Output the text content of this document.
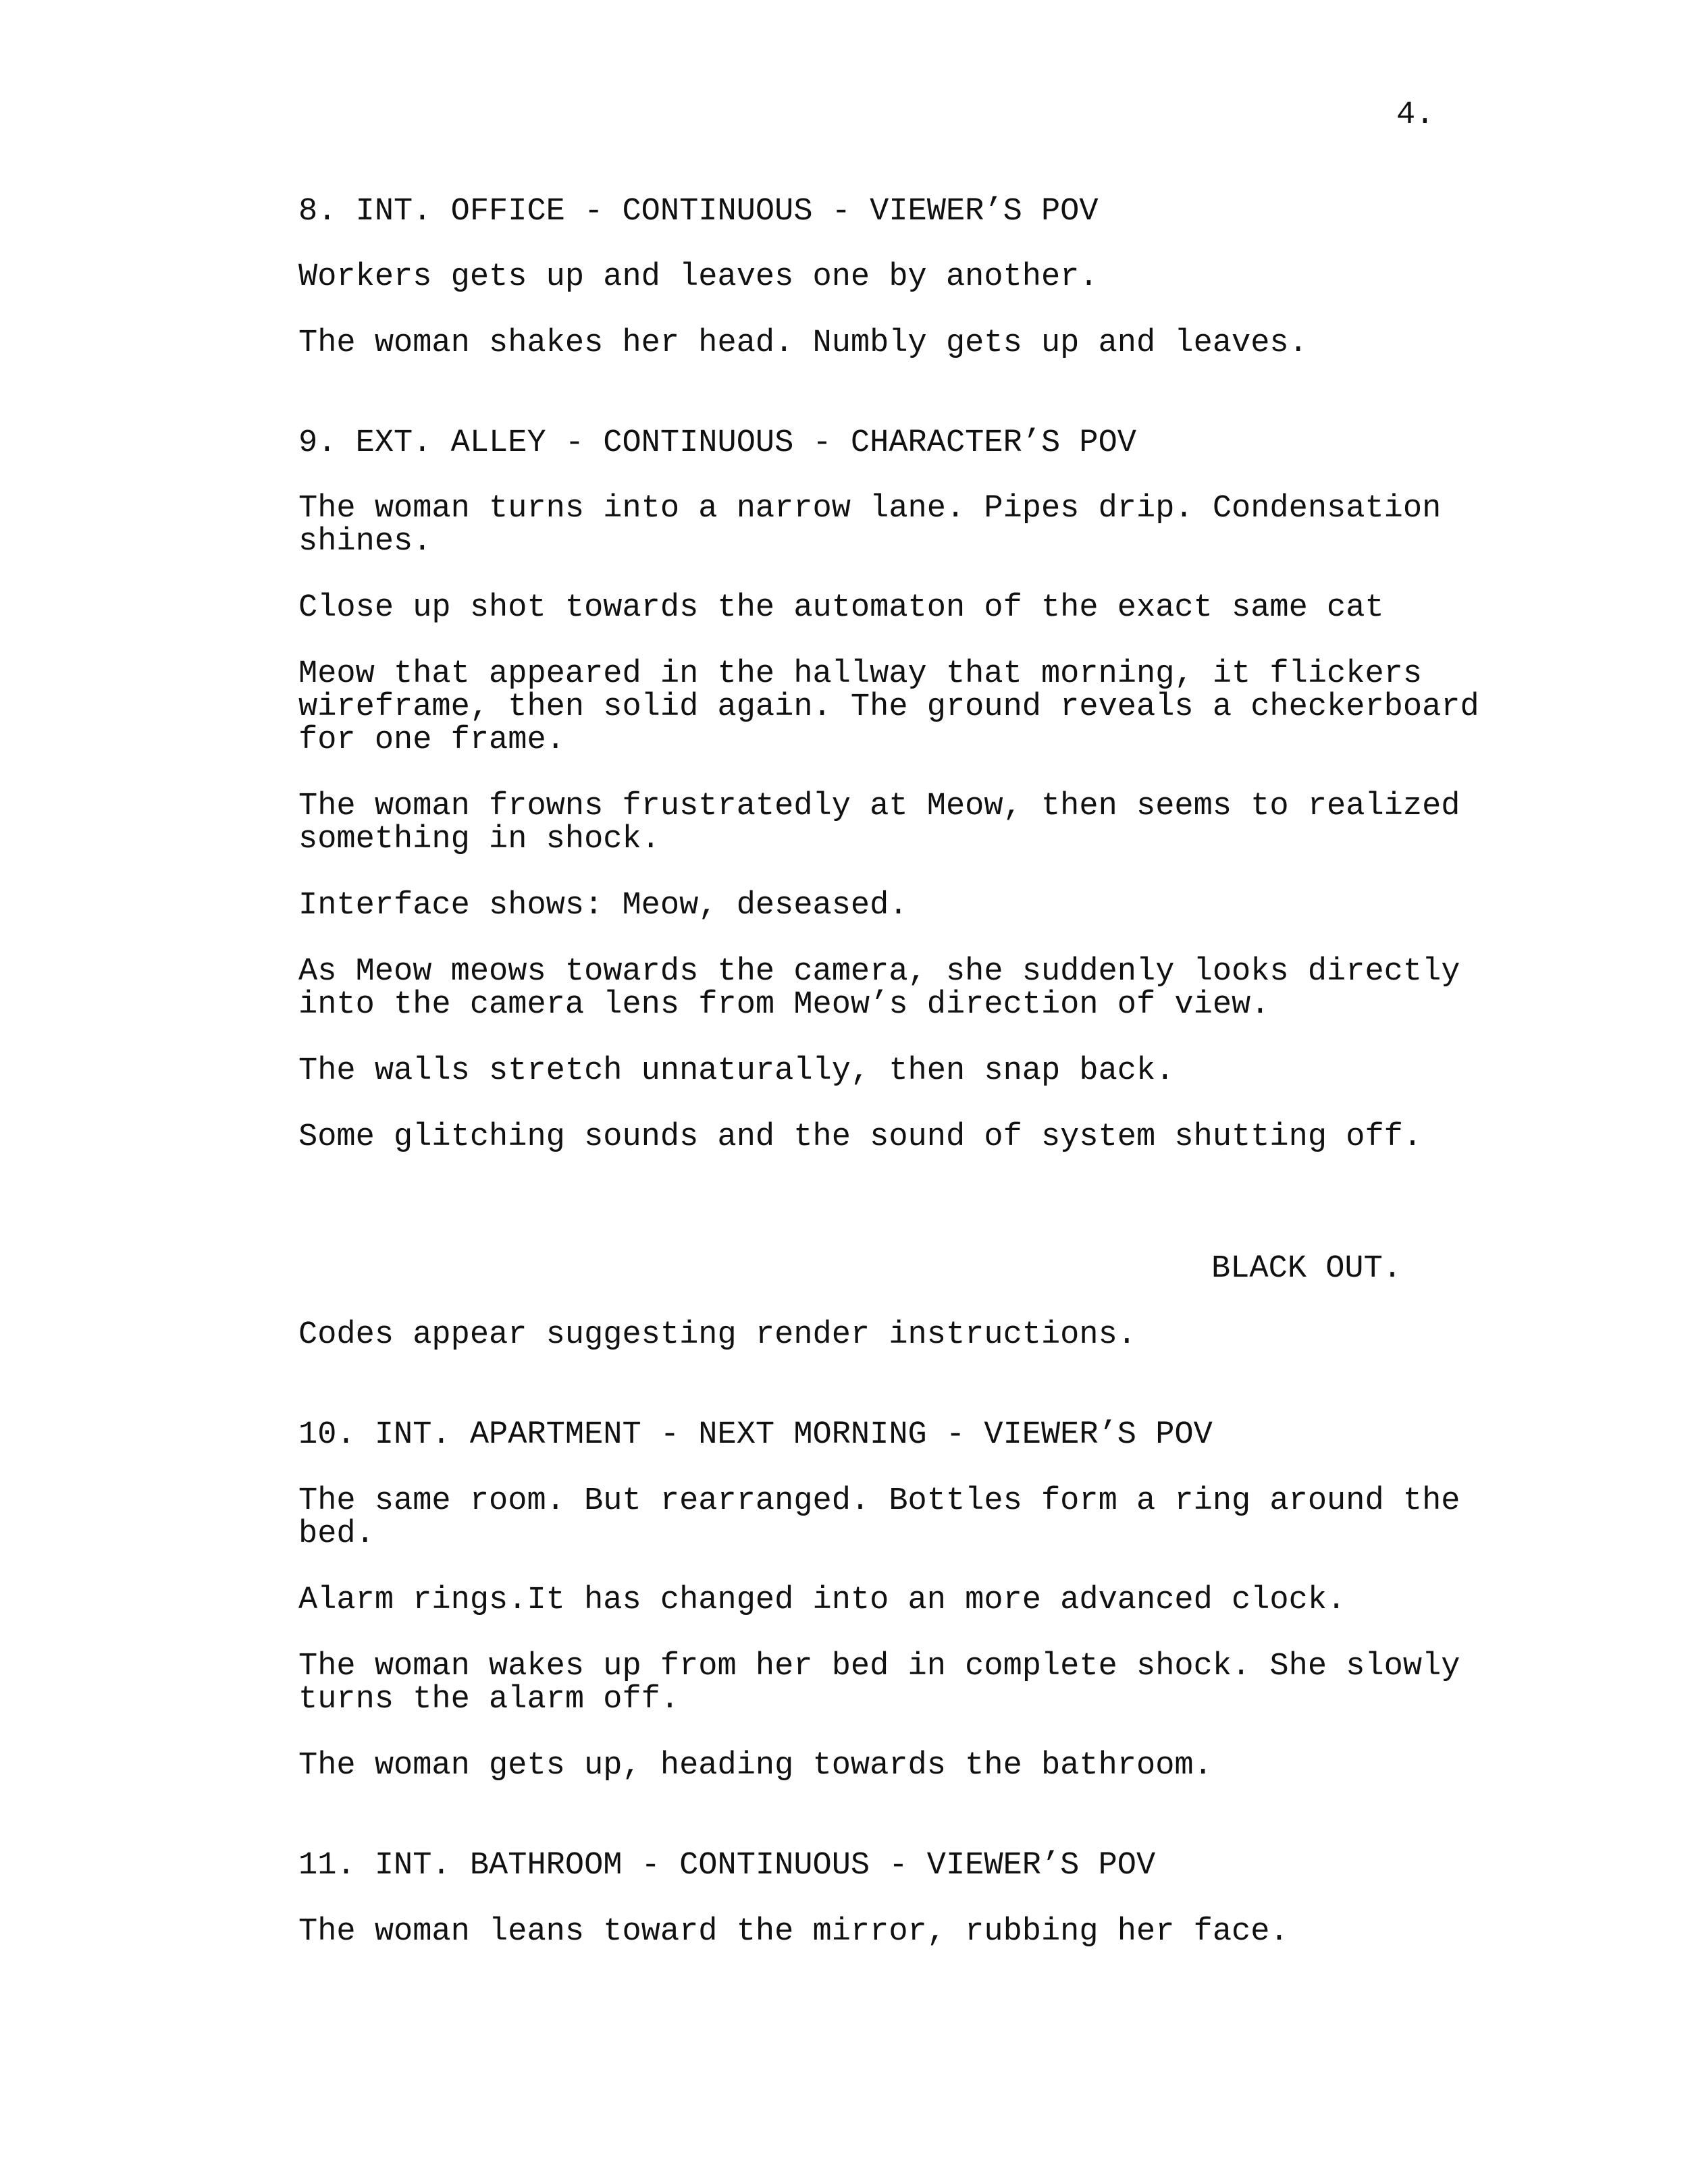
4.
8. INT. OFFICE - CONTINUOUS - VIEWER’S POV
Workers gets up and leaves one by another.
The woman shakes her head. Numbly gets up and leaves.
9. EXT. ALLEY - CONTINUOUS - CHARACTER’S POV
The woman turns into a narrow lane. Pipes drip. Condensation
shines.
Close up shot towards the automaton of the exact same cat
Meow that appeared in the hallway that morning, it flickers
wireframe, then solid again. The ground reveals a checkerboard
for one frame.
The woman frowns frustratedly at Meow, then seems to realized
something in shock.
Interface shows: Meow, deseased.
As Meow meows towards the camera, she suddenly looks directly
into the camera lens from Meow’s direction of view.
The walls stretch unnaturally, then snap back.
Some glitching sounds and the sound of system shutting off.
BLACK OUT.
Codes appear suggesting render instructions.
10. INT. APARTMENT - NEXT MORNING - VIEWER’S POV
The same room. But rearranged. Bottles form a ring around the
bed.
Alarm rings.It has changed into an more advanced clock.
The woman wakes up from her bed in complete shock. She slowly
turns the alarm off.
The woman gets up, heading towards the bathroom.
11. INT. BATHROOM - CONTINUOUS - VIEWER’S POV
The woman leans toward the mirror, rubbing her face.
